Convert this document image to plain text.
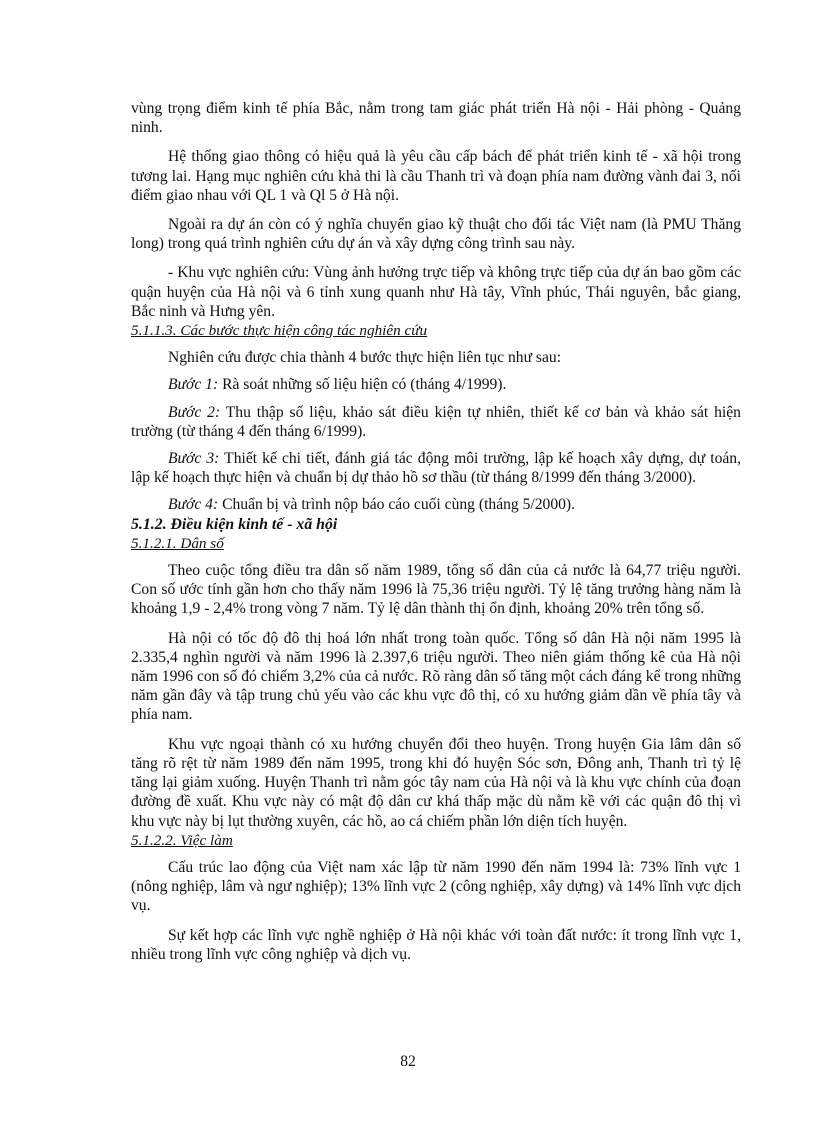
vùng trọng điểm kinh tế phía Bắc, nằm trong tam giác phát triển Hà nội - Hải phòng - Quảng ninh.

Hệ thống giao thông có hiệu quả là yêu cầu cấp bách để phát triển kinh tế - xã hội trong tương lai. Hạng mục nghiên cứu khả thi là cầu Thanh trì và đoạn phía nam đường vành đai 3, nối điểm giao nhau với QL 1 và Ql 5 ở Hà nội.

Ngoài ra dự án còn có ý nghĩa chuyển giao kỹ thuật cho đối tác Việt nam (là PMU Thăng long) trong quá trình nghiên cứu dự án và xây dựng công trình sau này.

- Khu vực nghiên cứu: Vùng ảnh hưởng trực tiếp và không trực tiếp của dự án bao gồm các quận huyện của Hà nội và 6 tỉnh xung quanh như Hà tây, Vĩnh phúc, Thái nguyên, bắc giang, Bắc ninh và Hưng yên.

5.1.1.3. Các bước thực hiện công tác nghiên cứu

Nghiên cứu được chia thành 4 bước thực hiện liên tục như sau:

Bước 1: Rà soát những số liệu hiện có (tháng 4/1999).

Bước 2: Thu thập số liệu, khảo sát điều kiện tự nhiên, thiết kế cơ bản và khảo sát hiện trường (từ tháng 4 đến tháng 6/1999).

Bước 3: Thiết kế chi tiết, đánh giá tác động môi trường, lập kế hoạch xây dựng, dự toán, lập kế hoạch thực hiện và chuẩn bị dự thảo hồ sơ thầu (từ tháng 8/1999 đến tháng 3/2000).

Bước 4: Chuẩn bị và trình nộp báo cáo cuối cùng (tháng 5/2000).

5.1.2. Điều kiện kinh tế - xã hội

5.1.2.1. Dân số

Theo cuộc tổng điều tra dân số năm 1989, tổng số dân của cả nước là 64,77 triệu người. Con số ước tính gần hơn cho thấy năm 1996 là 75,36 triệu người. Tỷ lệ tăng trưởng hàng năm là khoảng 1,9 - 2,4% trong vòng 7 năm. Tỷ lệ dân thành thị ổn định, khoảng 20% trên tổng số.

Hà nội có tốc độ đô thị hoá lớn nhất trong toàn quốc. Tổng số dân Hà nội năm 1995 là 2.335,4 nghìn người và năm 1996 là 2.397,6 triệu người. Theo niên giám thống kê của Hà nội năm 1996 con số đó chiếm 3,2% của cả nước. Rõ ràng dân số tăng một cách đáng kể trong những năm gần đây và tập trung chủ yếu vào các khu vực đô thị, có xu hướng giảm dần về phía tây và phía nam.

Khu vực ngoại thành có xu hướng chuyển đổi theo huyện. Trong huyện Gia lâm dân số tăng rõ rệt từ năm 1989 đến năm 1995, trong khi đó huyện Sóc sơn, Đông anh, Thanh trì tỷ lệ tăng lại giảm xuống. Huyện Thanh trì nằm góc tây nam của Hà nội và là khu vực chính của đoạn đường đề xuất. Khu vực này có mật độ dân cư khá thấp mặc dù nằm kề với các quận đô thị vì khu vực này bị lụt thường xuyên, các hồ, ao cá chiếm phần lớn diện tích huyện.

5.1.2.2. Việc làm

Cấu trúc lao động của Việt nam xác lập từ năm 1990 đến năm 1994 là: 73% lĩnh vực 1 (nông nghiệp, lâm và ngư nghiệp); 13% lĩnh vực 2 (công nghiệp, xây dựng) và 14% lĩnh vực dịch vụ.

Sự kết hợp các lĩnh vực nghề nghiệp ở Hà nội khác với toàn đất nước: ít trong lĩnh vực 1, nhiều trong lĩnh vực công nghiệp và dịch vụ.

82
